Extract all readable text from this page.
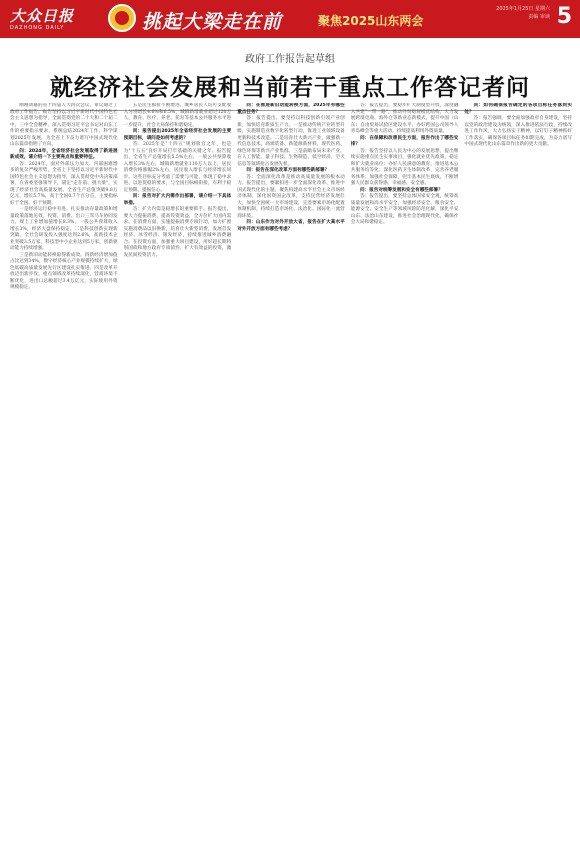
大众日报
DAZHONG DAILY	挑起大梁走在前	聚焦2025山东两会
2025年1月25日 星期六
责编 审读 5
政府工作报告起草组
就经济社会发展和当前若干重点工作答记者问

刚刚闭幕的省十四届人大四次会议，审议通过了政府工作报告。报告坚持以习近平新时代中国特色社会主义思想为指导，全面贯彻党的二十大和二十届二中、三中全会精神，深入贯彻习近平总书记对山东工作的重要指示要求，系统总结2024年工作，科学谋划2025年发展，为全省上下奋力谱写中国式现代化山东篇章指明了方向。

问：2024年，全省经济社会发展取得了新进展新成效，请介绍一下主要亮点和重要特征。

答：2024年，面对外部压力加大、内部困难增多的复杂严峻形势，全省上下坚持以习近平新时代中国特色社会主义思想为指导，深入贯彻党中央决策部署，在省委坚强领导下，锚定"走在前、挑大梁"，实现了经济社会高质量发展。全省生产总值突破9.8万亿元，增长5.7%，高于全国0.7个百分点，主要指标好于全国、好于预期。

一是经济运行稳中有进。扎实推动存量政策和增量政策落地见效，投资、消费、出口三驾马车协同发力，规上工业增加值增长8.3%，一般公共预算收入增长3%，经济大盘保持稳定。二是科技创新实现新突破。全社会研发投入强度达到2.6%，高新技术企业突破3.5万家，科技型中小企业达到5万家，创新驱动能力持续增强。

三是新旧动能转换取得新成效。四新经济增加值占比达到34%，数字经济核心产业规模持续扩大，绿色低碳高质量发展先行区建设扎实推进。四是改革开放迈出新步伐。重点领域改革持续深化，营商环境不断优化，进出口总额超过3.4万亿元，实际使用外资规模稳定。

五是民生福祉不断增进。城乡居民人均可支配收入分别增长4.6%和6.5%，城镇新增就业超过120万人，教育、医疗、养老、托育等基本公共服务水平进一步提升，社会大局保持和谐稳定。

问：报告提出2025年全省经济社会发展的主要预期目标，请问是如何考虑的？

答：2025年是"十四五"规划收官之年，也是为"十五五"良好开局打牢基础的关键之年。报告提出，全省生产总值增长5.5%左右，一般公共预算收入增长3%左右，城镇新增就业110万人以上，居民消费价格涨幅2%左右，居民收入增长与经济增长同步。这些目标充分考虑了需要与可能，体现了稳中求进、以进促稳的要求，与全国目标相衔接，有利于稳定预期、提振信心。

问：报告对扩大内需作出部署，请介绍一下具体举措。

答：扩大内需是稳增长的重要抓手。报告提出，要大力提振消费、提高投资效益，全方位扩大国内需求。在消费方面，实施提振消费专项行动，加力扩围实施消费品以旧换新，培育壮大新型消费，发展首发经济、冰雪经济、银发经济，持续推进城乡消费融合。在投资方面，加强重大项目建设，用好超长期特别国债和地方政府专项债券，扩大有效益的投资，激发民间投资活力。

问：在推进新旧动能转换方面，2025年有哪些重点任务？

答：报告提出，要坚持以科技创新引领产业创新，加快培育新质生产力。一是推动传统产业转型升级，实施制造业数字化转型行动，推进工业领域设备更新和技术改造。二是培育壮大新兴产业，做强新一代信息技术、高端装备、新能源新材料、现代医药、绿色环保等新兴产业集群。三是前瞻布局未来产业，在人工智能、量子科技、生物制造、低空经济、空天信息等领域抢占发展先机。

问：报告在深化改革方面有哪些新部署？

答：全面深化改革是推动高质量发展的根本动力。报告提出，要紧扣进一步全面深化改革、推进中国式现代化的主题，聚焦构建高水平社会主义市场经济体制，深化国资国企改革，支持民营经济发展壮大，加快全国统一大市场建设，完善要素市场化配置体制机制，持续打造市场化、法治化、国际化一流营商环境。

问：山东作为对外开放大省，报告在扩大高水平对外开放方面有哪些考虑？

答：报告提出，要稳步扩大制度型开放，深度融入共建"一带一路"，推动外贸稳规模优结构，大力发展跨境电商、海外仓等新业态新模式，提升中国（山东）自由贸易试验区建设水平，办好跨国公司领导人青岛峰会等重大活动，持续提高利用外资质量。

问：在保障和改善民生方面，报告作出了哪些安排？

答：报告坚持以人民为中心的发展思想，提出继续实施重点民生实事项目，强化就业优先政策，稳定和扩大就业岗位；办好人民满意的教育，推进基本公共服务均等化；深化医药卫生体制改革，完善养老服务体系；加强社会保障，兜牢基本民生底线，不断增强人民群众获得感、幸福感、安全感。

问：报告对统筹发展和安全有哪些部署？

答：报告提出，要坚持总体国家安全观，统筹高质量发展和高水平安全，加强经济安全、粮食安全、能源安全、安全生产等领域风险防范化解，深化平安山东、法治山东建设，推进社会治理现代化，确保社会大局和谐稳定。

问：如何确保报告确定的各项目标任务落到实处？

答：报告强调，要全面加强政府自身建设，坚持以党的政治建设为统领，深入推进依法行政，持续改进工作作风，大力弘扬实干精神，以钉钉子精神抓好工作落实，确保各项目标任务如期完成，为奋力谱写中国式现代化山东篇章作出新的更大贡献。
